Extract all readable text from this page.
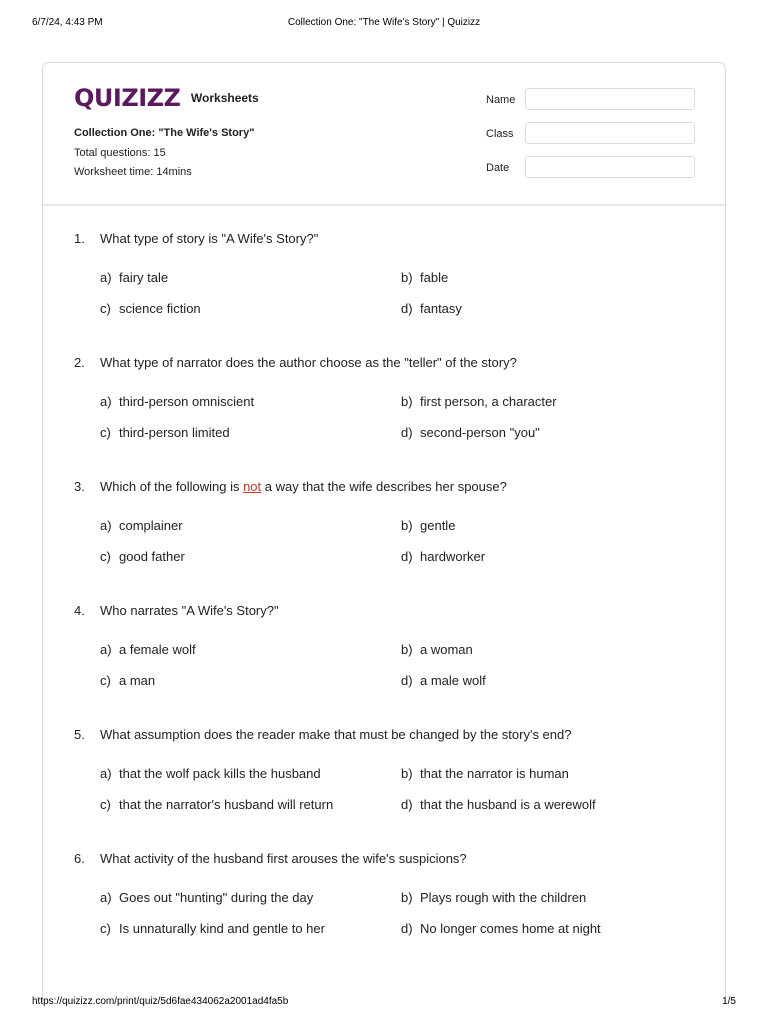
6/7/24, 4:43 PM	Collection One: "The Wife's Story" | Quizizz
QUIZIZZ Worksheets
Collection One: "The Wife's Story"
Total questions: 15
Worksheet time: 14mins
Name
Class
Date
1. What type of story is "A Wife's Story?"
a) fairy tale	b) fable
c) science fiction	d) fantasy
2. What type of narrator does the author choose as the "teller" of the story?
a) third-person omniscient	b) first person, a character
c) third-person limited	d) second-person "you"
3. Which of the following is not a way that the wife describes her spouse?
a) complainer	b) gentle
c) good father	d) hardworker
4. Who narrates "A Wife's Story?"
a) a female wolf	b) a woman
c) a man	d) a male wolf
5. What assumption does the reader make that must be changed by the story's end?
a) that the wolf pack kills the husband	b) that the narrator is human
c) that the narrator's husband will return	d) that the husband is a werewolf
6. What activity of the husband first arouses the wife's suspicions?
a) Goes out "hunting" during the day	b) Plays rough with the children
c) Is unnaturally kind and gentle to her	d) No longer comes home at night
https://quizizz.com/print/quiz/5d6fae434062a2001ad4fa5b	1/5
